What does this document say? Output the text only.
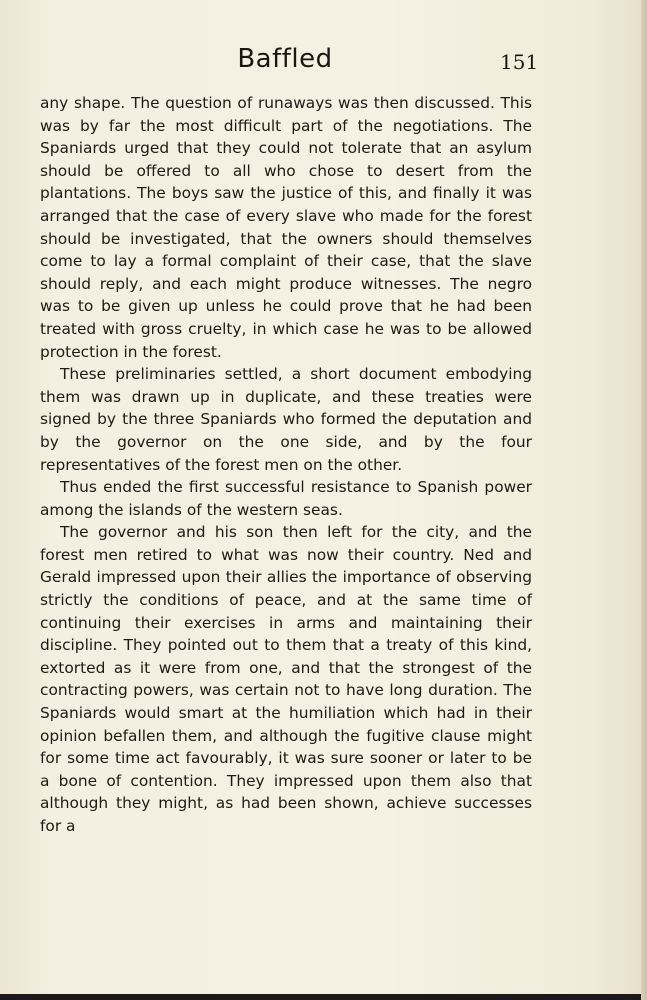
Baffled	151

any shape. The question of runaways was then discussed. This was by far the most difficult part of the negotiations. The Spaniards urged that they could not tolerate that an asylum should be offered to all who chose to desert from the plantations. The boys saw the justice of this, and finally it was arranged that the case of every slave who made for the forest should be investigated, that the owners should themselves come to lay a formal complaint of their case, that the slave should reply, and each might produce witnesses. The negro was to be given up unless he could prove that he had been treated with gross cruelty, in which case he was to be allowed protection in the forest.

These preliminaries settled, a short document embodying them was drawn up in duplicate, and these treaties were signed by the three Spaniards who formed the deputation and by the governor on the one side, and by the four representatives of the forest men on the other.

Thus ended the first successful resistance to Spanish power among the islands of the western seas.

The governor and his son then left for the city, and the forest men retired to what was now their country. Ned and Gerald impressed upon their allies the importance of observing strictly the conditions of peace, and at the same time of continuing their exercises in arms and maintaining their discipline. They pointed out to them that a treaty of this kind, extorted as it were from one, and that the strongest of the contracting powers, was certain not to have long duration. The Spaniards would smart at the humiliation which had in their opinion befallen them, and although the fugitive clause might for some time act favourably, it was sure sooner or later to be a bone of contention. They impressed upon them also that although they might, as had been shown, achieve successes for a
